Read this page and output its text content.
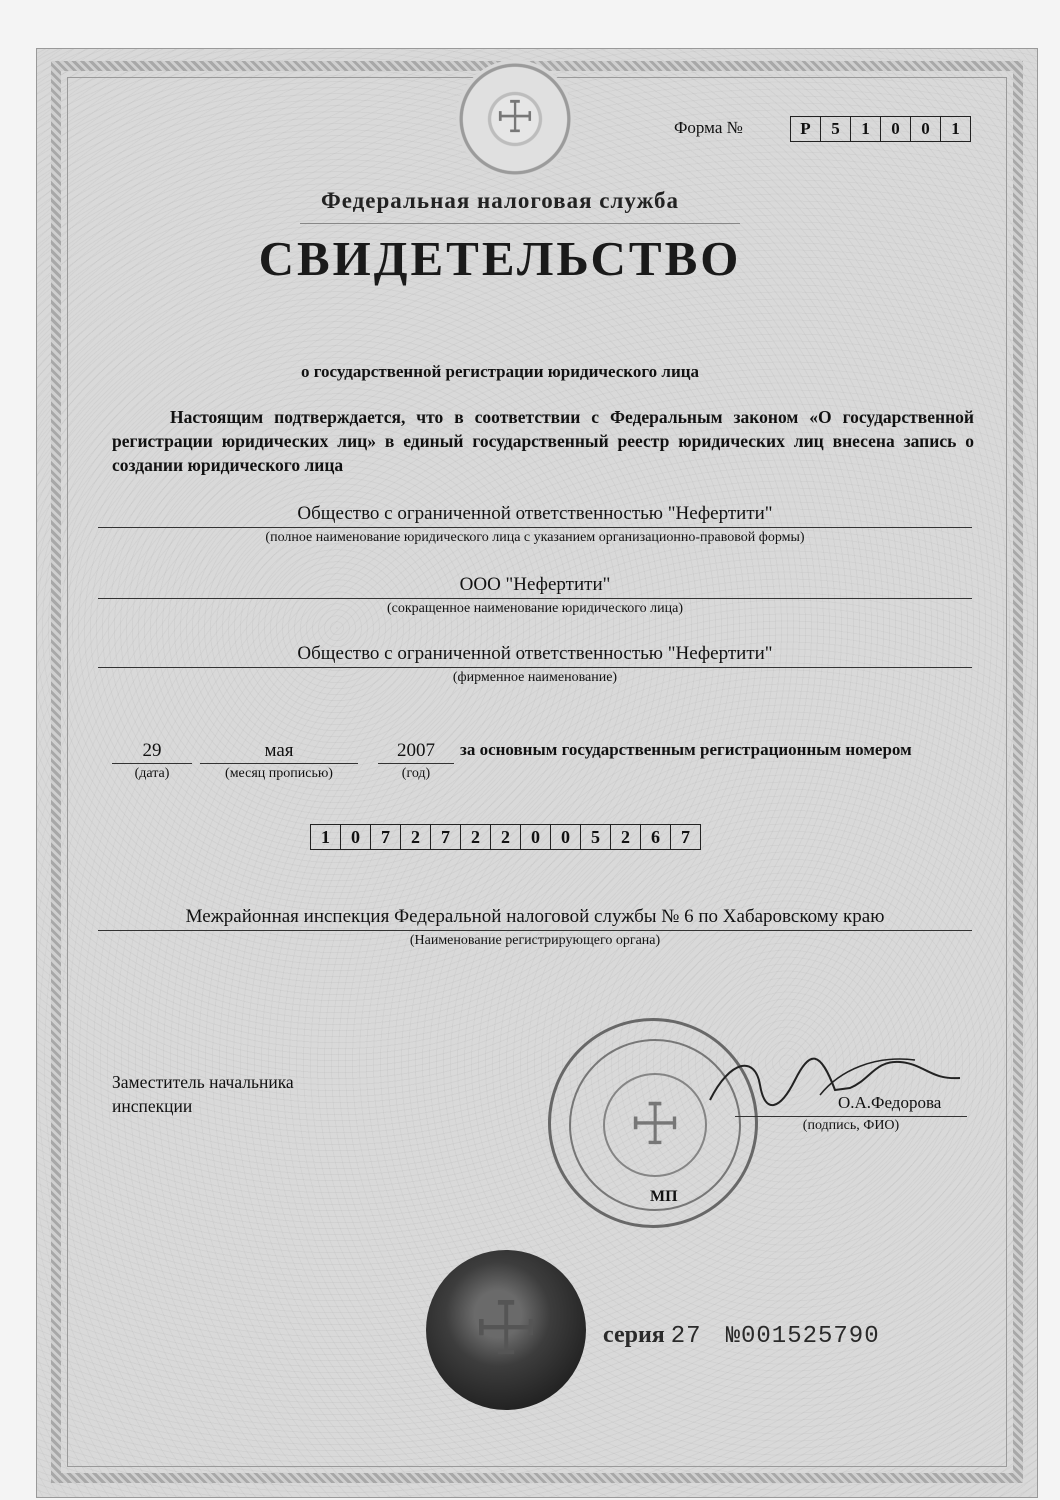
☩	Форма №	Р	5	1	0	0	1
Федеральная налоговая служба
СВИДЕТЕЛЬСТВО
о государственной регистрации юридического лица
Настоящим подтверждается, что в соответствии с Федеральным законом «О государственной регистрации юридических лиц» в единый государственный реестр юридических лиц внесена запись о создании юридического лица
Общество с ограниченной ответственностью "Нефертити"
(полное наименование юридического лица с указанием организационно-правовой формы)
ООО "Нефертити"
(сокращенное наименование юридического лица)
Общество с ограниченной ответственностью "Нефертити"
(фирменное наименование)
29
(дата)
мая
(месяц прописью)
2007
(год)
за основным государственным регистрационным номером
1	0	7	2	7	2	2	0	0	5	2	6	7
Межрайонная инспекция Федеральной налоговой службы № 6 по Хабаровскому краю
(Наименование регистрирующего органа)
Заместитель начальника
инспекции	☩	О.А.Федорова
(подпись, ФИО)
МП
☩	серия 27 №001525790
